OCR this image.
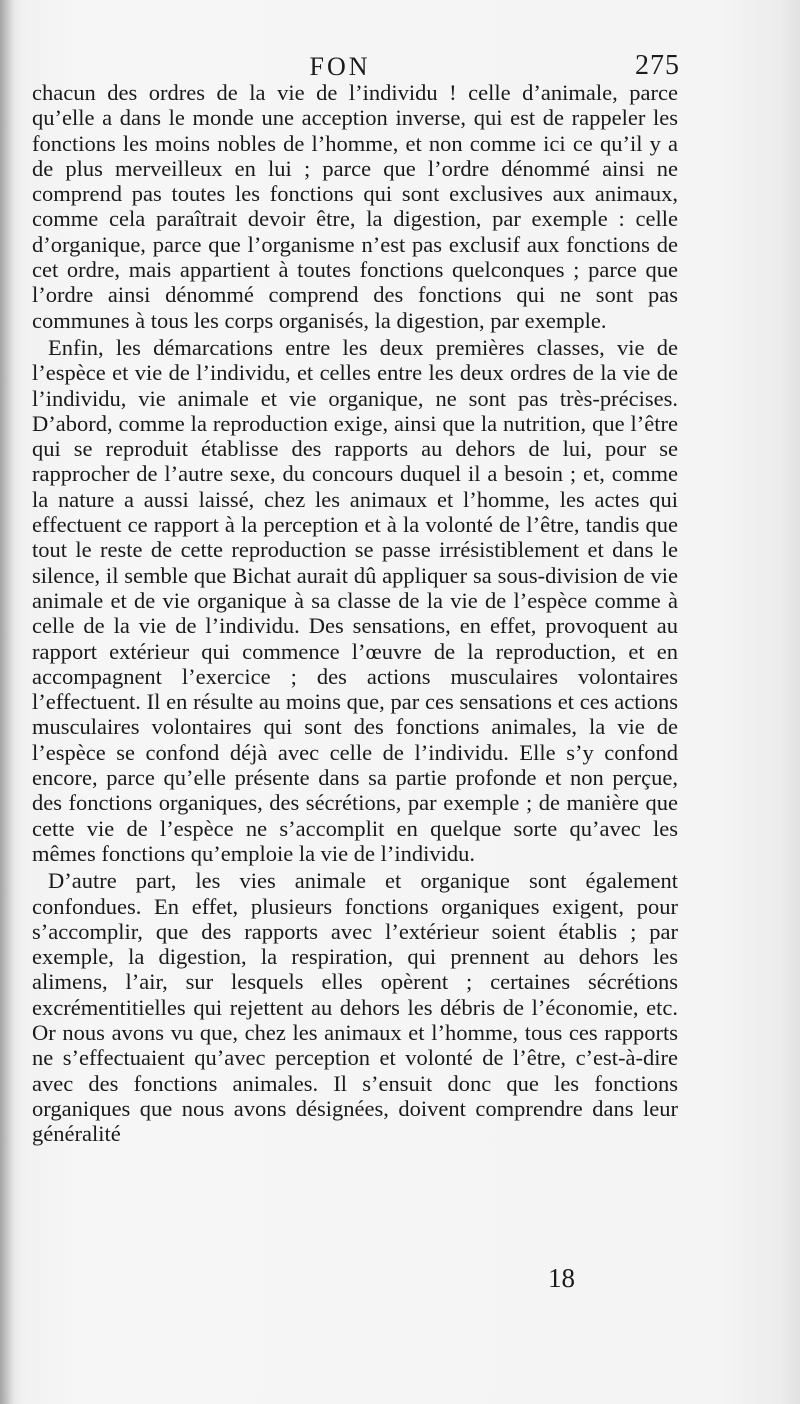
FON	275

chacun des ordres de la vie de l’individu ! celle d’animale, parce qu’elle a dans le monde une acception inverse, qui est de rappeler les fonctions les moins nobles de l’homme, et non comme ici ce qu’il y a de plus merveilleux en lui ; parce que l’ordre dénommé ainsi ne comprend pas toutes les fonctions qui sont exclusives aux animaux, comme cela paraîtrait devoir être, la digestion, par exemple : celle d’organique, parce que l’organisme n’est pas exclusif aux fonctions de cet ordre, mais appartient à toutes fonctions quelconques ; parce que l’ordre ainsi dénommé comprend des fonctions qui ne sont pas communes à tous les corps organisés, la digestion, par exemple.

Enfin, les démarcations entre les deux premières classes, vie de l’espèce et vie de l’individu, et celles entre les deux ordres de la vie de l’individu, vie animale et vie organique, ne sont pas très-précises. D’abord, comme la reproduction exige, ainsi que la nutrition, que l’être qui se reproduit établisse des rapports au dehors de lui, pour se rapprocher de l’autre sexe, du concours duquel il a besoin ; et, comme la nature a aussi laissé, chez les animaux et l’homme, les actes qui effectuent ce rapport à la perception et à la volonté de l’être, tandis que tout le reste de cette reproduction se passe irrésistiblement et dans le silence, il semble que Bichat aurait dû appliquer sa sous-division de vie animale et de vie organique à sa classe de la vie de l’espèce comme à celle de la vie de l’individu. Des sensations, en effet, provoquent au rapport extérieur qui commence l’œuvre de la reproduction, et en accompagnent l’exercice ; des actions musculaires volontaires l’effectuent. Il en résulte au moins que, par ces sensations et ces actions musculaires volontaires qui sont des fonctions animales, la vie de l’espèce se confond déjà avec celle de l’individu. Elle s’y confond encore, parce qu’elle présente dans sa partie profonde et non perçue, des fonctions organiques, des sécrétions, par exemple ; de manière que cette vie de l’espèce ne s’accomplit en quelque sorte qu’avec les mêmes fonctions qu’emploie la vie de l’individu.

D’autre part, les vies animale et organique sont également confondues. En effet, plusieurs fonctions organiques exigent, pour s’accomplir, que des rapports avec l’extérieur soient établis ; par exemple, la digestion, la respiration, qui prennent au dehors les alimens, l’air, sur lesquels elles opèrent ; certaines sécrétions excrémentitielles qui rejettent au dehors les débris de l’économie, etc. Or nous avons vu que, chez les animaux et l’homme, tous ces rapports ne s’effectuaient qu’avec perception et volonté de l’être, c’est-à-dire avec des fonctions animales. Il s’ensuit donc que les fonctions organiques que nous avons désignées, doivent comprendre dans leur généralité

18
